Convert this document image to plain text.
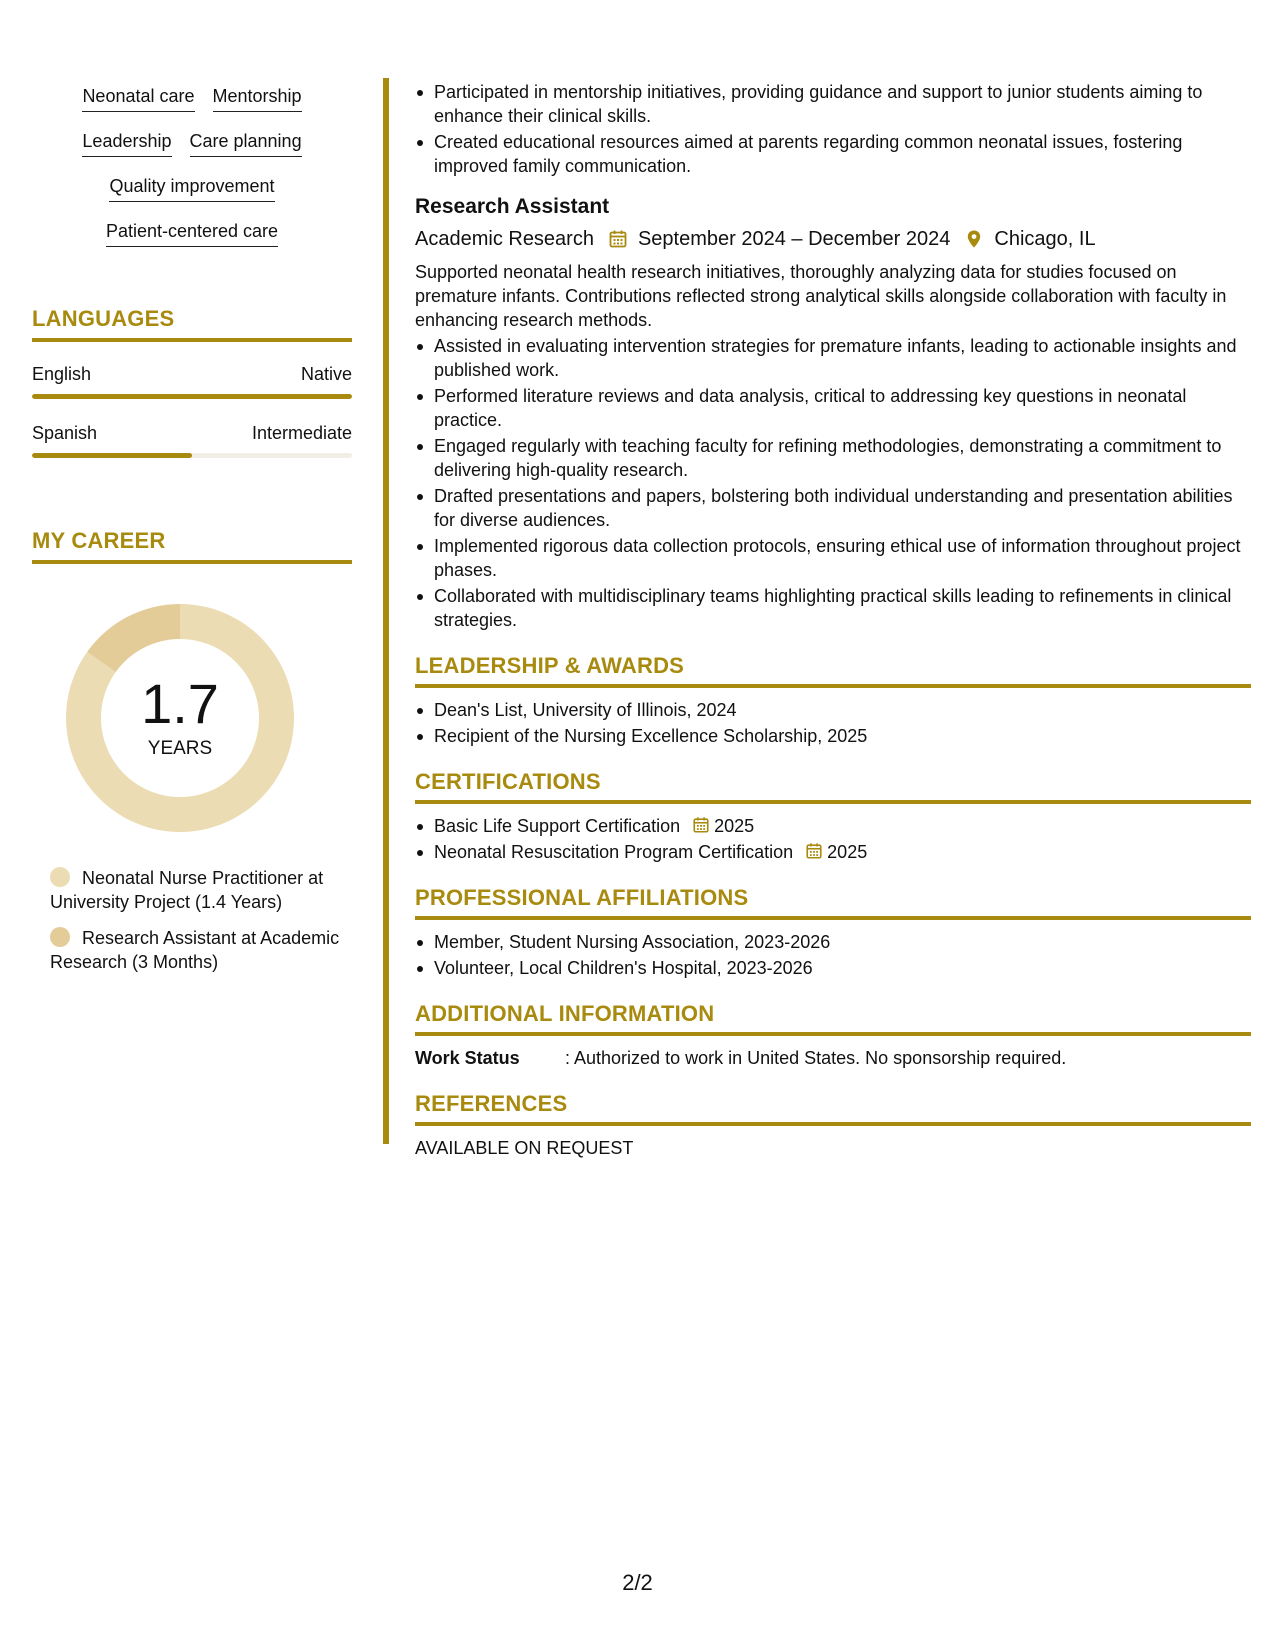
Neonatal care Mentorship
Leadership Care planning
Quality improvement
Patient-centered care
LANGUAGES
English	Native
Spanish	Intermediate
MY CAREER
1.7
YEARS
Neonatal Nurse Practitioner at University Project (1.4 Years)
Research Assistant at Academic Research (3 Months)
Participated in mentorship initiatives, providing guidance and support to junior students aiming to enhance their clinical skills.
Created educational resources aimed at parents regarding common neonatal issues, fostering improved family communication.
Research Assistant
Academic Research September 2024 – December 2024 Chicago, IL
Supported neonatal health research initiatives, thoroughly analyzing data for studies focused on premature infants. Contributions reflected strong analytical skills alongside collaboration with faculty in enhancing research methods.
Assisted in evaluating intervention strategies for premature infants, leading to actionable insights and published work.
Performed literature reviews and data analysis, critical to addressing key questions in neonatal practice.
Engaged regularly with teaching faculty for refining methodologies, demonstrating a commitment to delivering high-quality research.
Drafted presentations and papers, bolstering both individual understanding and presentation abilities for diverse audiences.
Implemented rigorous data collection protocols, ensuring ethical use of information throughout project phases.
Collaborated with multidisciplinary teams highlighting practical skills leading to refinements in clinical strategies.
LEADERSHIP & AWARDS
Dean's List, University of Illinois, 2024
Recipient of the Nursing Excellence Scholarship, 2025
CERTIFICATIONS
Basic Life Support Certification 2025
Neonatal Resuscitation Program Certification 2025
PROFESSIONAL AFFILIATIONS
Member, Student Nursing Association, 2023-2026
Volunteer, Local Children's Hospital, 2023-2026
ADDITIONAL INFORMATION
Work Status	: Authorized to work in United States. No sponsorship required.
REFERENCES
AVAILABLE ON REQUEST
2/2
